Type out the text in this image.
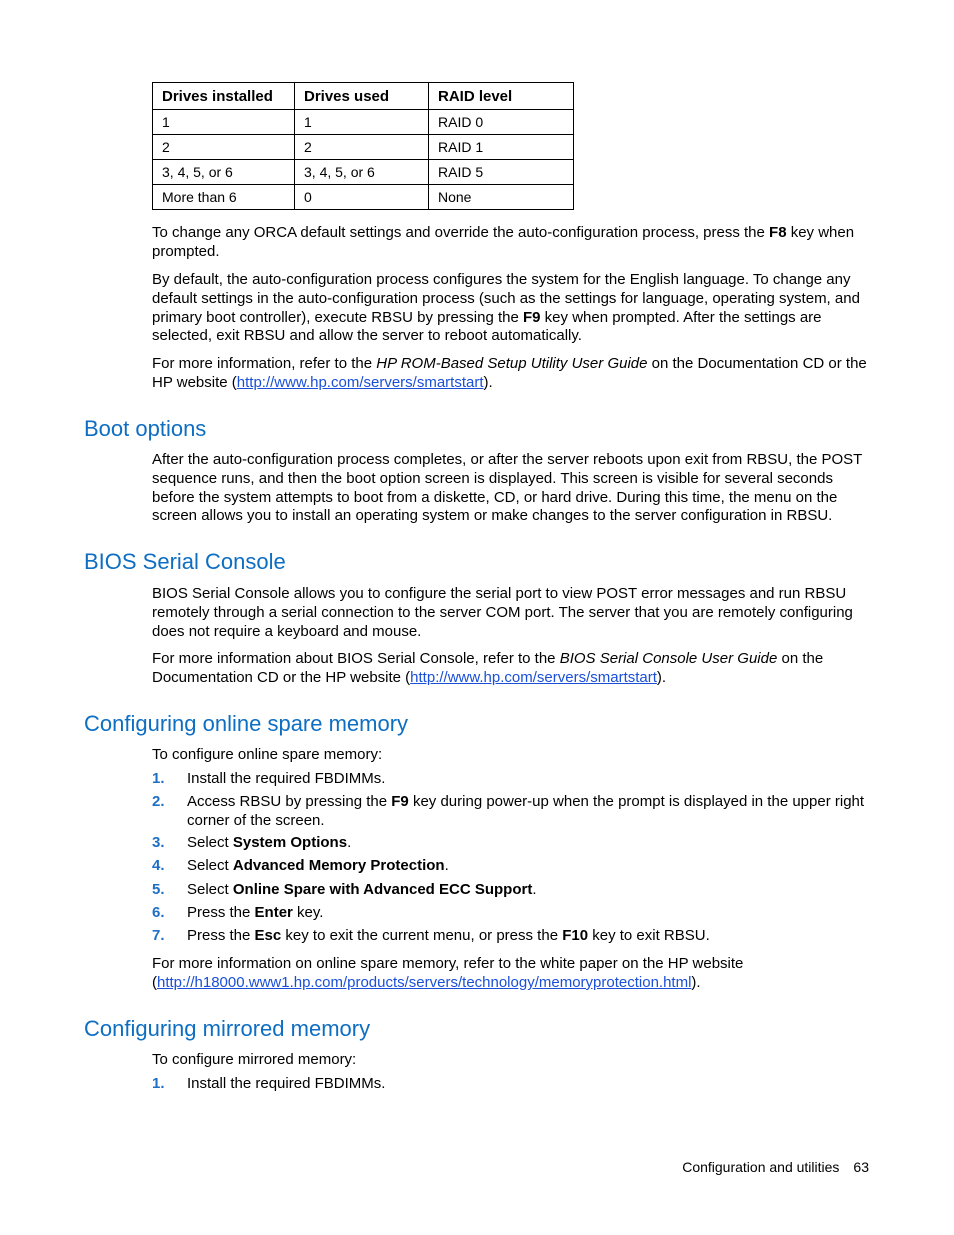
Drives installed	Drives used	RAID level
1	1	RAID 0
2	2	RAID 1
3, 4, 5, or 6	3, 4, 5, or 6	RAID 5
More than 6	0	None

To change any ORCA default settings and override the auto-configuration process, press the F8 key when prompted.

By default, the auto-configuration process configures the system for the English language. To change any default settings in the auto-configuration process (such as the settings for language, operating system, and primary boot controller), execute RBSU by pressing the F9 key when prompted. After the settings are selected, exit RBSU and allow the server to reboot automatically.

For more information, refer to the HP ROM-Based Setup Utility User Guide on the Documentation CD or the HP website (http://www.hp.com/servers/smartstart).

Boot options

After the auto-configuration process completes, or after the server reboots upon exit from RBSU, the POST sequence runs, and then the boot option screen is displayed. This screen is visible for several seconds before the system attempts to boot from a diskette, CD, or hard drive. During this time, the menu on the screen allows you to install an operating system or make changes to the server configuration in RBSU.

BIOS Serial Console

BIOS Serial Console allows you to configure the serial port to view POST error messages and run RBSU remotely through a serial connection to the server COM port. The server that you are remotely configuring does not require a keyboard and mouse.

For more information about BIOS Serial Console, refer to the BIOS Serial Console User Guide on the Documentation CD or the HP website (http://www.hp.com/servers/smartstart).

Configuring online spare memory

To configure online spare memory:

1. Install the required FBDIMMs.
2. Access RBSU by pressing the F9 key during power-up when the prompt is displayed in the upper right corner of the screen.
3. Select System Options.
4. Select Advanced Memory Protection.
5. Select Online Spare with Advanced ECC Support.
6. Press the Enter key.
7. Press the Esc key to exit the current menu, or press the F10 key to exit RBSU.

For more information on online spare memory, refer to the white paper on the HP website (http://h18000.www1.hp.com/products/servers/technology/memoryprotection.html).

Configuring mirrored memory

To configure mirrored memory:

1. Install the required FBDIMMs.
Configuration and utilities 63
